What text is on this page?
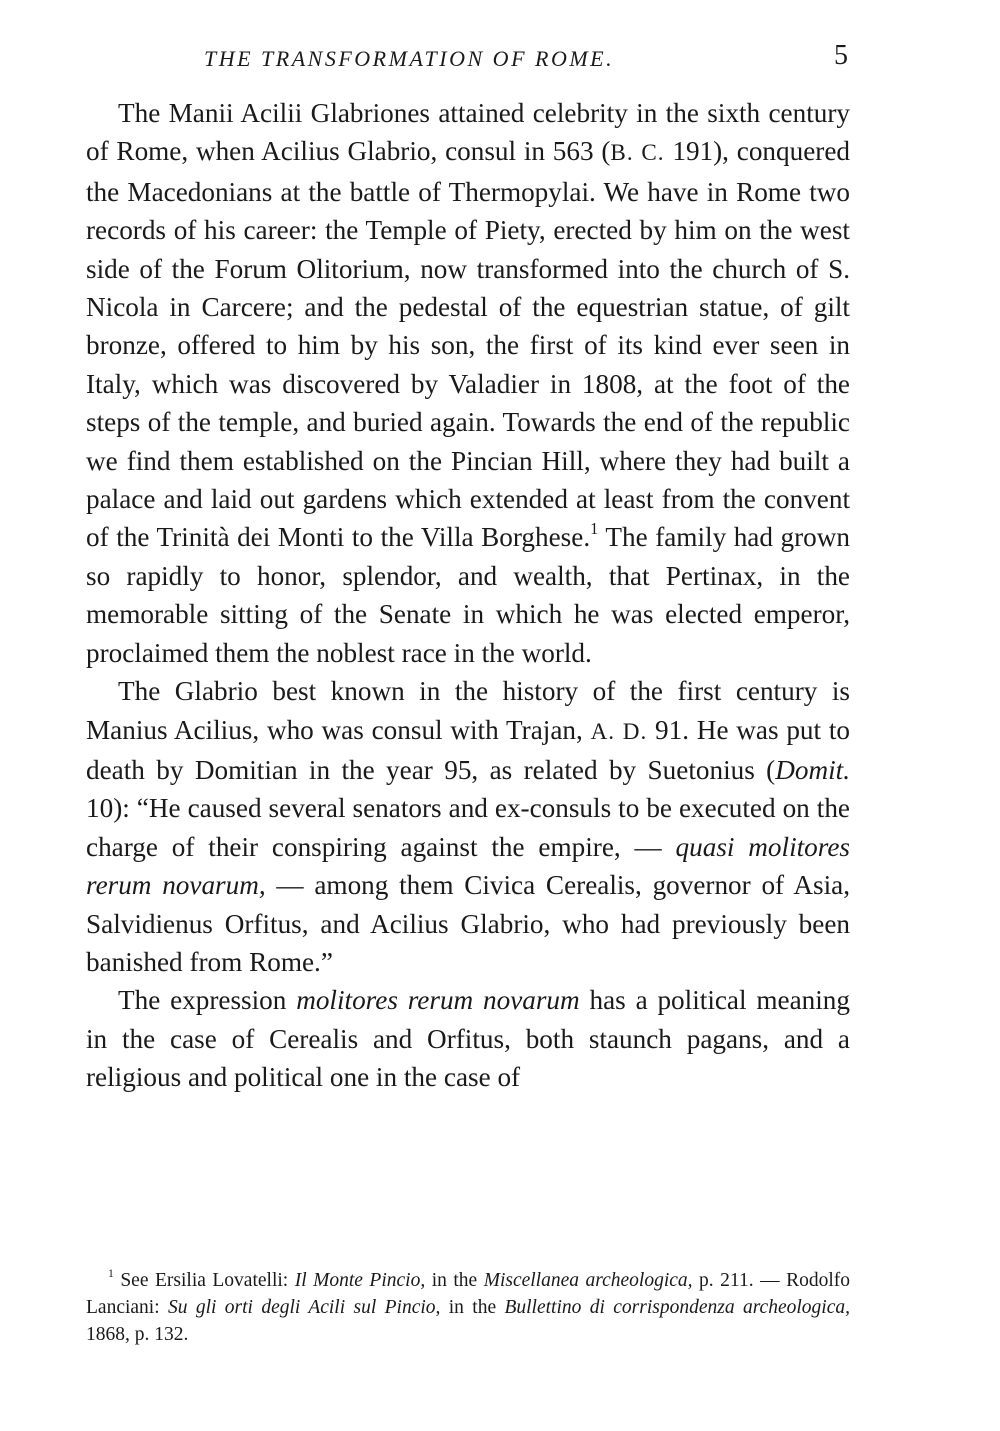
THE TRANSFORMATION OF ROME.	5

The Manii Acilii Glabriones attained celebrity in the sixth century of Rome, when Acilius Glabrio, consul in 563 (B. C. 191), conquered the Macedonians at the battle of Thermopylai. We have in Rome two records of his career: the Temple of Piety, erected by him on the west side of the Forum Olitorium, now transformed into the church of S. Nicola in Carcere; and the pedestal of the equestrian statue, of gilt bronze, offered to him by his son, the first of its kind ever seen in Italy, which was discovered by Valadier in 1808, at the foot of the steps of the temple, and buried again. Towards the end of the republic we find them established on the Pincian Hill, where they had built a palace and laid out gardens which extended at least from the convent of the Trinità dei Monti to the Villa Borghese.$^1$ The family had grown so rapidly to honor, splendor, and wealth, that Pertinax, in the memorable sitting of the Senate in which he was elected emperor, proclaimed them the noblest race in the world.

The Glabrio best known in the history of the first century is Manius Acilius, who was consul with Trajan, A. D. 91. He was put to death by Domitian in the year 95, as related by Suetonius (Domit. 10): “He caused several senators and ex-consuls to be executed on the charge of their conspiring against the empire, — quasi molitores rerum novarum, — among them Civica Cerealis, governor of Asia, Salvidienus Orfitus, and Acilius Glabrio, who had previously been banished from Rome.”

The expression molitores rerum novarum has a political meaning in the case of Cerealis and Orfitus, both staunch pagans, and a religious and political one in the case of

$^1$ See Ersilia Lovatelli: Il Monte Pincio, in the Miscellanea archeologica, p. 211. — Rodolfo Lanciani: Su gli orti degli Acili sul Pincio, in the Bullettino di corrispondenza archeologica, 1868, p. 132.
